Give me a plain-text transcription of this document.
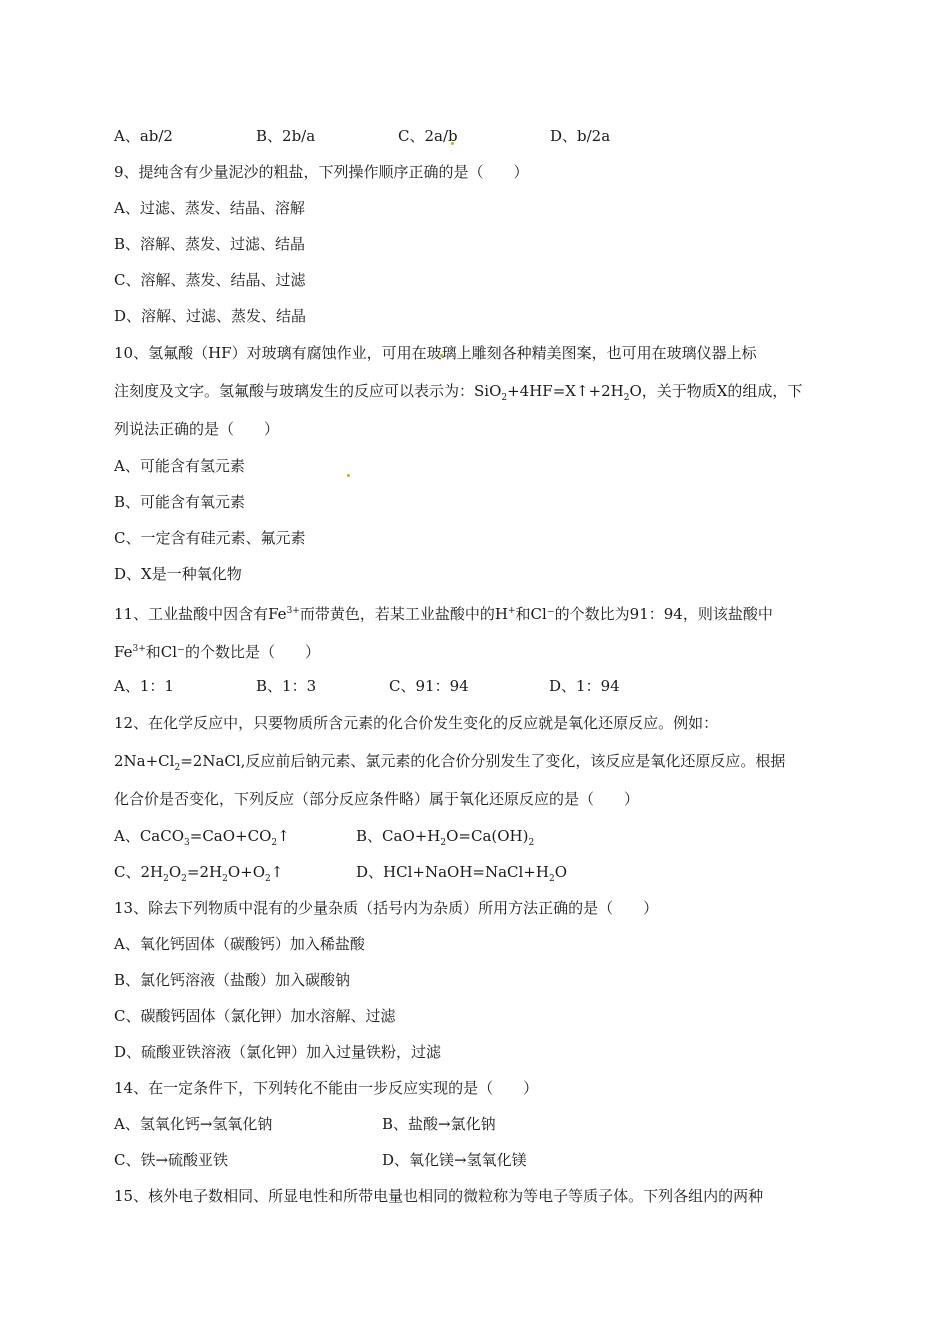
A、ab/2	B、2b/a	C、2a/b	D、b/2a
9、提纯含有少量泥沙的粗盐，下列操作顺序正确的是（　　）
A、过滤、蒸发、结晶、溶解
B、溶解、蒸发、过滤、结晶
C、溶解、蒸发、结晶、过滤
D、溶解、过滤、蒸发、结晶
10、氢氟酸（HF）对玻璃有腐蚀作业，可用在玻璃上雕刻各种精美图案，也可用在玻璃仪器上标
注刻度及文字。氢氟酸与玻璃发生的反应可以表示为：$SiO_2+4HF=X↑+2H_2O$，关于物质X的组成，下
列说法正确的是（　　）
A、可能含有氢元素
B、可能含有氧元素
C、一定含有硅元素、氟元素
D、X是一种氧化物
11、工业盐酸中因含有$Fe^{3+}$而带黄色，若某工业盐酸中的H+和Cl⁻的个数比为91：94，则该盐酸中
$Fe^{3+}$和Cl⁻的个数比是（　　）
A、1：1	B、1：3	C、91：94	D、1：94
12、在化学反应中，只要物质所含元素的化合价发生变化的反应就是氧化还原反应。例如：
$2Na+Cl_2=2NaCl$,反应前后钠元素、氯元素的化合价分别发生了变化，该反应是氧化还原反应。根据
化合价是否变化，下列反应（部分反应条件略）属于氧化还原反应的是（　　）
A、$CaCO_3=CaO+CO_2↑$	B、$CaO+H_2O=Ca(OH)_2$
C、$2H_2O_2=2H_2O+O_2↑$	D、$HCl+NaOH=NaCl+H_2O$
13、除去下列物质中混有的少量杂质（括号内为杂质）所用方法正确的是（　　）
A、氧化钙固体（碳酸钙）加入稀盐酸
B、氯化钙溶液（盐酸）加入碳酸钠
C、碳酸钙固体（氯化钾）加水溶解、过滤
D、硫酸亚铁溶液（氯化钾）加入过量铁粉，过滤
14、在一定条件下，下列转化不能由一步反应实现的是（　　）
A、氢氧化钙→氢氧化钠	B、盐酸→氯化钠
C、铁→硫酸亚铁	D、氧化镁→氢氧化镁
15、核外电子数相同、所显电性和所带电量也相同的微粒称为等电子等质子体。下列各组内的两种
